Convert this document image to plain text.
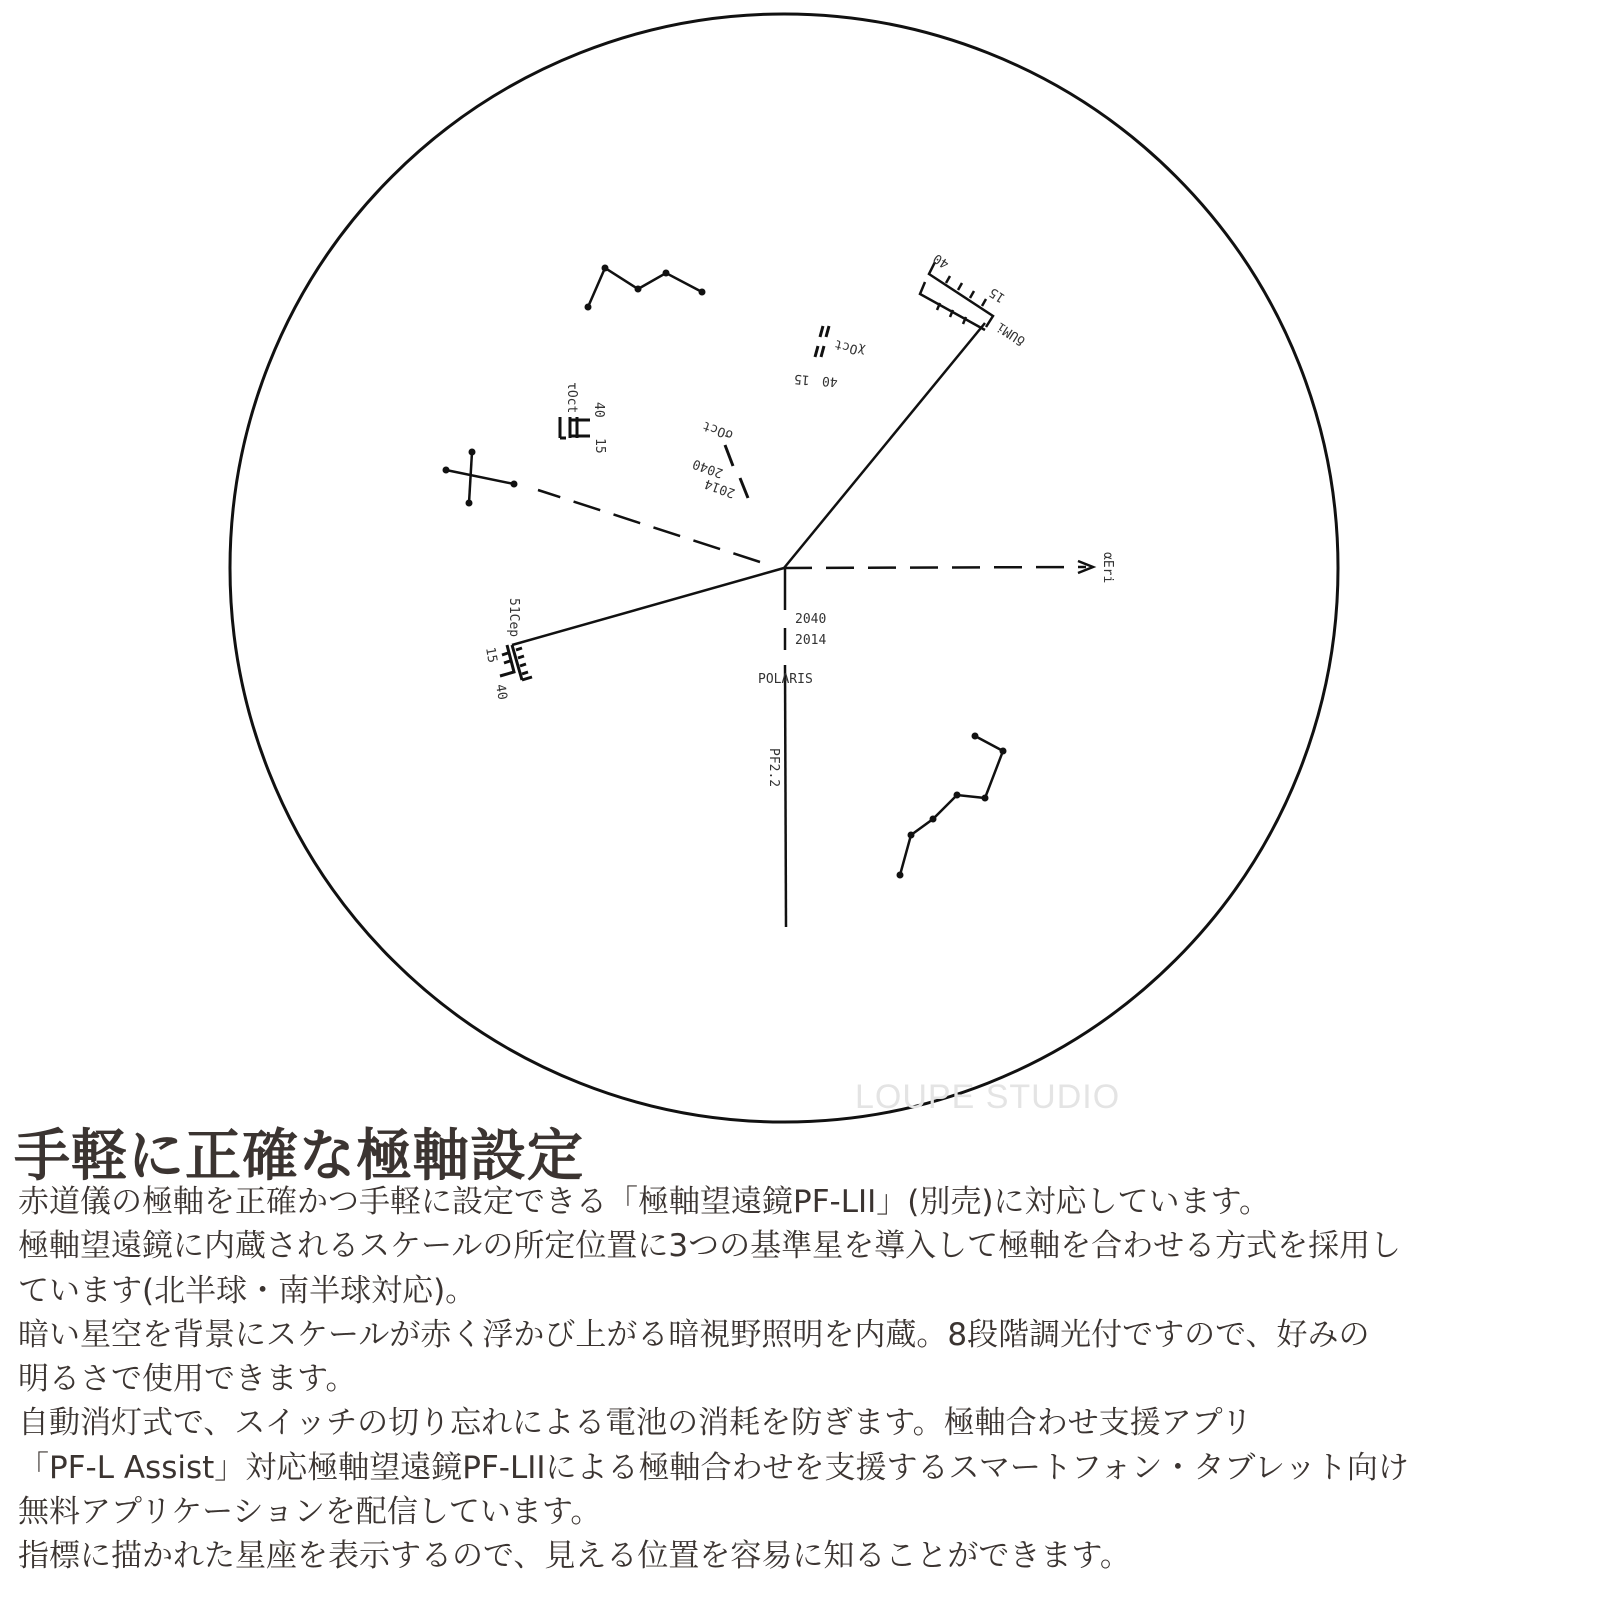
δUMi
40
15
χOct
40
15
τOct 40
15
σOct
2040
2014
51Cep
15
40
αEri
2040
2014
POLARIS
PF2.2
LOUPE STUDIO
手軽に正確な極軸設定
赤道儀の極軸を正確かつ手軽に設定できる「極軸望遠鏡PF-LII」(別売)に対応しています。
極軸望遠鏡に内蔵されるスケールの所定位置に3つの基準星を導入して極軸を合わせる方式を採用し
ています(北半球・南半球対応)。
暗い星空を背景にスケールが赤く浮かび上がる暗視野照明を内蔵。8段階調光付ですので、好みの
明るさで使用できます。
自動消灯式で、スイッチの切り忘れによる電池の消耗を防ぎます。極軸合わせ支援アプリ
「PF-L Assist」対応極軸望遠鏡PF-LIIによる極軸合わせを支援するスマートフォン・タブレット向け
無料アプリケーションを配信しています。
指標に描かれた星座を表示するので、見える位置を容易に知ることができます。
